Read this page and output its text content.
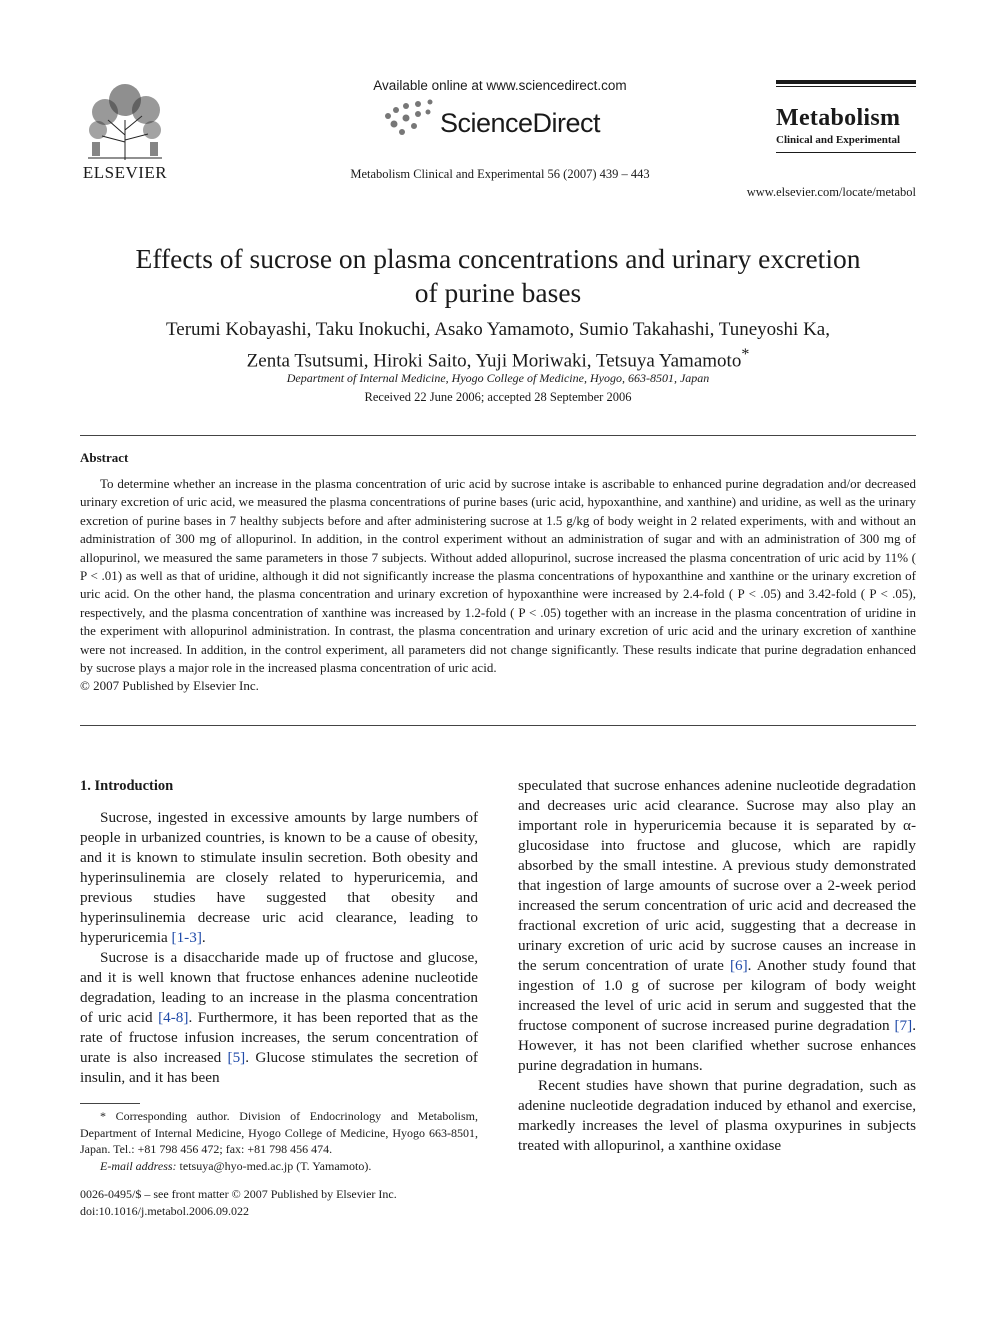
ELSEVIER
Available online at www.sciencedirect.com
ScienceDirect
Metabolism Clinical and Experimental 56 (2007) 439 – 443
Metabolism
Clinical and Experimental
www.elsevier.com/locate/metabol
Effects of sucrose on plasma concentrations and urinary excretion
of purine bases
Terumi Kobayashi, Taku Inokuchi, Asako Yamamoto, Sumio Takahashi, Tuneyoshi Ka,
Zenta Tsutsumi, Hiroki Saito, Yuji Moriwaki, Tetsuya Yamamoto*
Department of Internal Medicine, Hyogo College of Medicine, Hyogo, 663-8501, Japan
Received 22 June 2006; accepted 28 September 2006
Abstract

To determine whether an increase in the plasma concentration of uric acid by sucrose intake is ascribable to enhanced purine degradation and/or decreased urinary excretion of uric acid, we measured the plasma concentrations of purine bases (uric acid, hypoxanthine, and xanthine) and uridine, as well as the urinary excretion of purine bases in 7 healthy subjects before and after administering sucrose at 1.5 g/kg of body weight in 2 related experiments, with and without an administration of 300 mg of allopurinol. In addition, in the control experiment without an administration of sugar and with an administration of 300 mg of allopurinol, we measured the same parameters in those 7 subjects. Without added allopurinol, sucrose increased the plasma concentration of uric acid by 11% ( P < .01) as well as that of uridine, although it did not significantly increase the plasma concentrations of hypoxanthine and xanthine or the urinary excretion of uric acid. On the other hand, the plasma concentration and urinary excretion of hypoxanthine were increased by 2.4-fold ( P < .05) and 3.42-fold ( P < .05), respectively, and the plasma concentration of xanthine was increased by 1.2-fold ( P < .05) together with an increase in the plasma concentration of uridine in the experiment with allopurinol administration. In contrast, the plasma concentration and urinary excretion of uric acid and the urinary excretion of xanthine were not increased. In addition, in the control experiment, all parameters did not change significantly. These results indicate that purine degradation enhanced by sucrose plays a major role in the increased plasma concentration of uric acid.

© 2007 Published by Elsevier Inc.

1. Introduction

Sucrose, ingested in excessive amounts by large numbers of people in urbanized countries, is known to be a cause of obesity, and it is known to stimulate insulin secretion. Both obesity and hyperinsulinemia are closely related to hyperuricemia, and previous studies have suggested that obesity and hyperinsulinemia decrease uric acid clearance, leading to hyperuricemia [1-3].

Sucrose is a disaccharide made up of fructose and glucose, and it is well known that fructose enhances adenine nucleotide degradation, leading to an increase in the plasma concentration of uric acid [4-8]. Furthermore, it has been reported that as the rate of fructose infusion increases, the serum concentration of urate is also increased [5]. Glucose stimulates the secretion of insulin, and it has been

* Corresponding author. Division of Endocrinology and Metabolism, Department of Internal Medicine, Hyogo College of Medicine, Hyogo 663-8501, Japan. Tel.: +81 798 456 472; fax: +81 798 456 474.

E-mail address: tetsuya@hyo-med.ac.jp (T. Yamamoto).

0026-0495/$ – see front matter © 2007 Published by Elsevier Inc.
doi:10.1016/j.metabol.2006.09.022

speculated that sucrose enhances adenine nucleotide degradation and decreases uric acid clearance. Sucrose may also play an important role in hyperuricemia because it is separated by α-glucosidase into fructose and glucose, which are rapidly absorbed by the small intestine. A previous study demonstrated that ingestion of large amounts of sucrose over a 2-week period increased the serum concentration of uric acid and decreased the fractional excretion of uric acid, suggesting that a decrease in urinary excretion of uric acid by sucrose causes an increase in the serum concentration of urate [6]. Another study found that ingestion of 1.0 g of sucrose per kilogram of body weight increased the level of uric acid in serum and suggested that the fructose component of sucrose increased purine degradation [7]. However, it has not been clarified whether sucrose enhances purine degradation in humans.

Recent studies have shown that purine degradation, such as adenine nucleotide degradation induced by ethanol and exercise, markedly increases the level of plasma oxypurines in subjects treated with allopurinol, a xanthine oxidase
